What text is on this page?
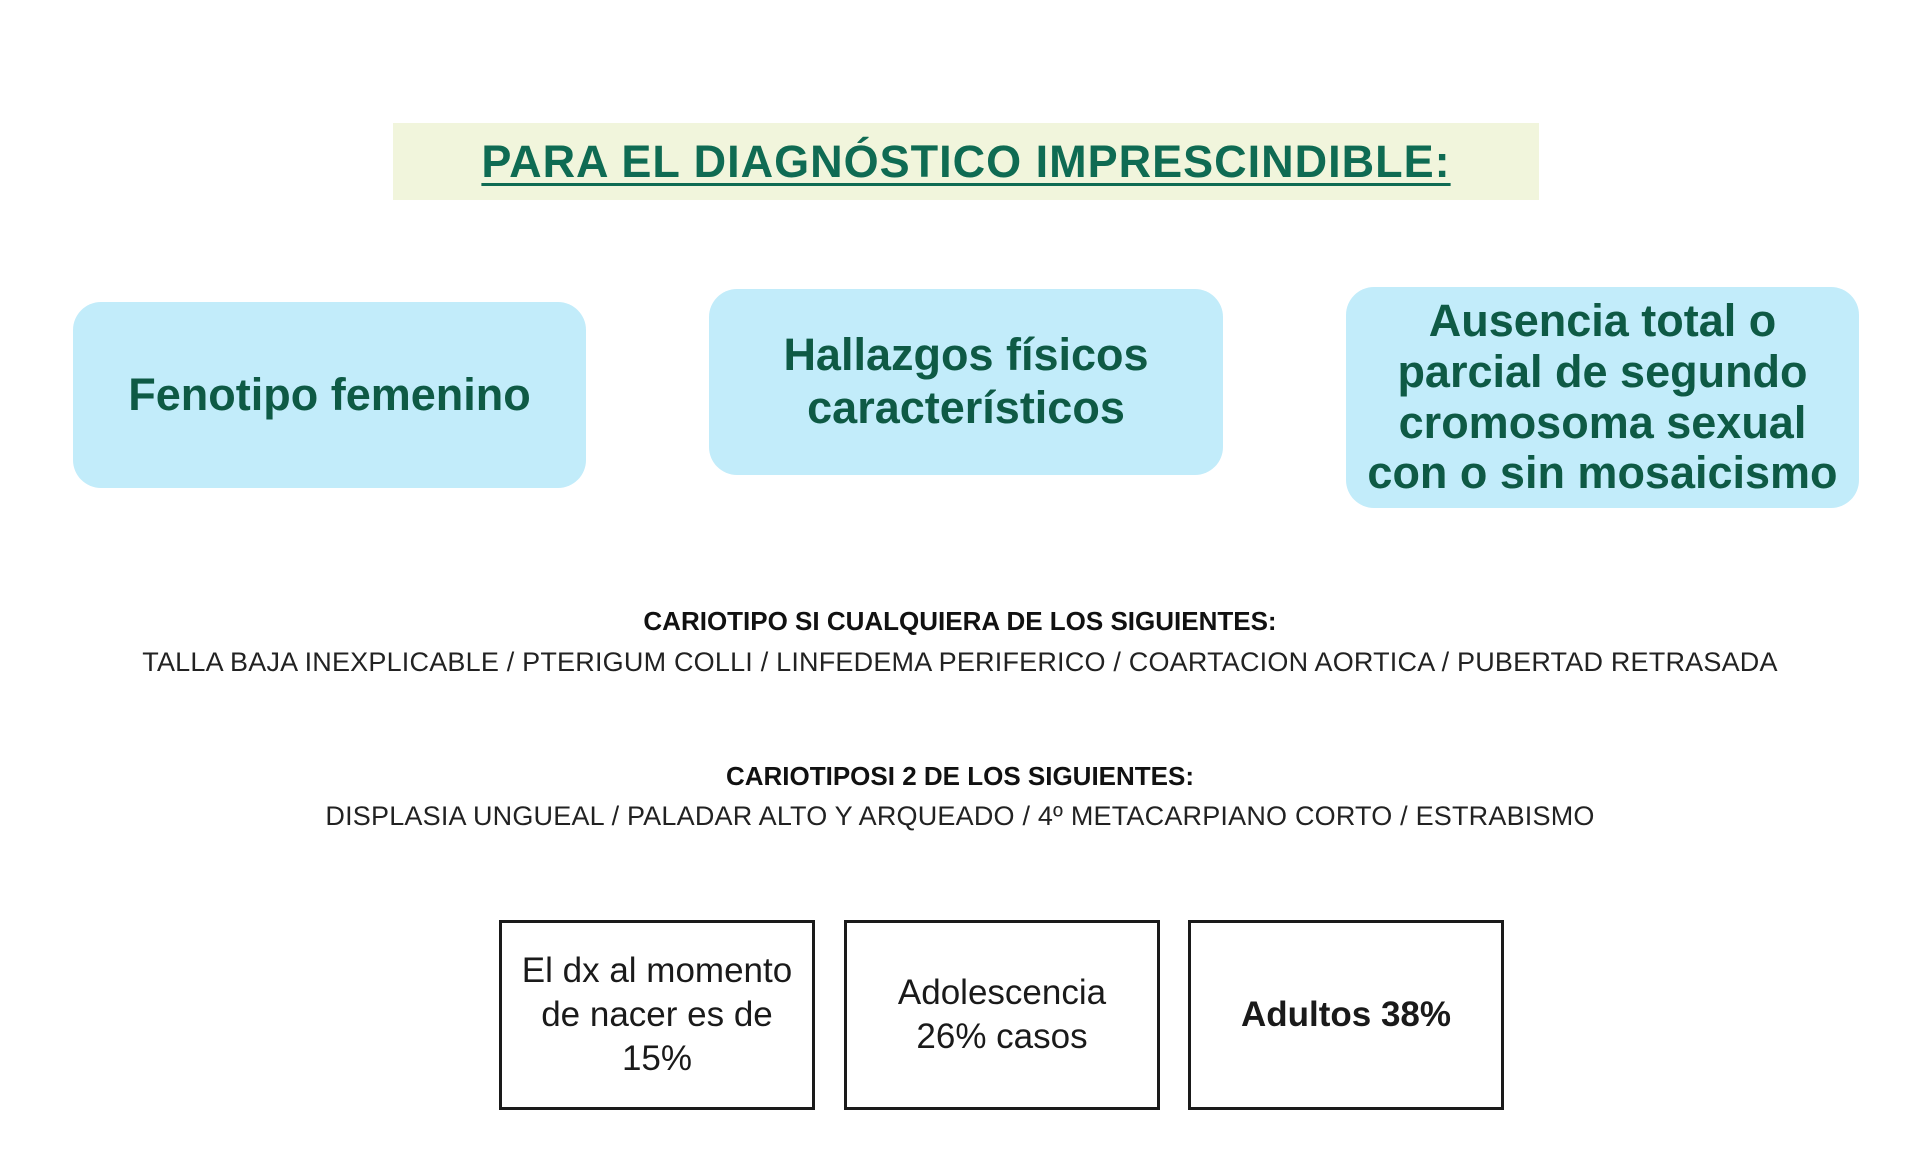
PARA EL DIAGNÓSTICO IMPRESCINDIBLE:
Fenotipo femenino
Hallazgos físicos característicos
Ausencia total o parcial de segundo cromosoma sexual con o sin mosaicismo
CARIOTIPO SI CUALQUIERA DE LOS SIGUIENTES:
TALLA BAJA INEXPLICABLE / PTERIGUM COLLI / LINFEDEMA PERIFERICO / COARTACION AORTICA / PUBERTAD RETRASADA
CARIOTIPOSI 2 DE LOS SIGUIENTES:
DISPLASIA UNGUEAL / PALADAR ALTO Y ARQUEADO / 4º METACARPIANO CORTO / ESTRABISMO
El dx al momento de nacer es de 15%
Adolescencia 26% casos
Adultos 38%
